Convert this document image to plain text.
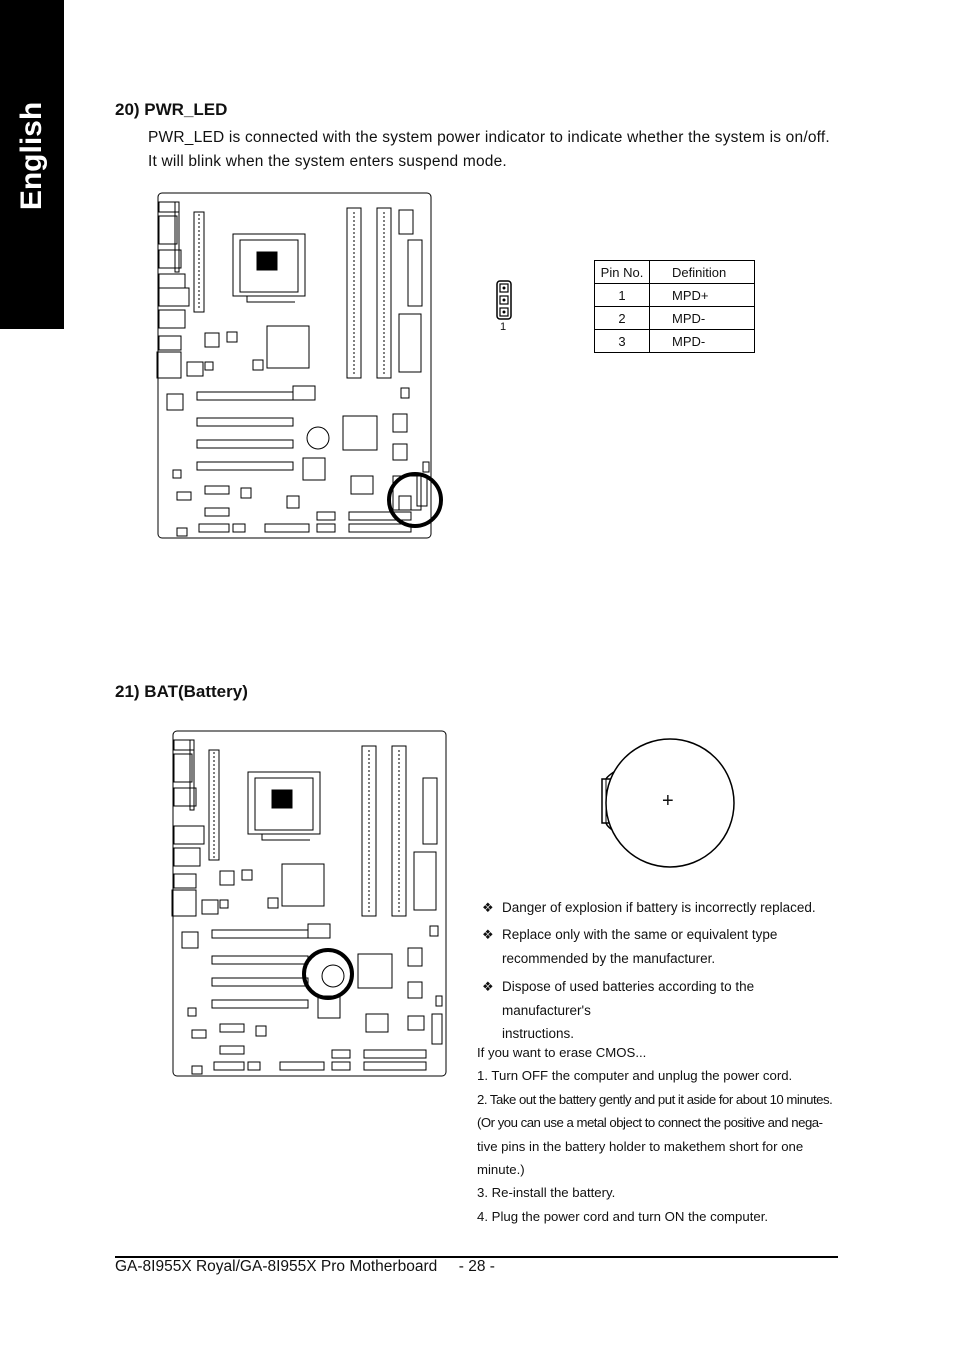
English	20) PWR_LED
PWR_LED is connected with the system power indicator to indicate whether the system is on/off.
It will blink when the system enters suspend mode.
1
Pin No.	Definition
1	MPD+
2	MPD-
3	MPD-
21) BAT(Battery)
+
❖ Danger of explosion if battery is incorrectly replaced.
❖ Replace only with the same or equivalent type
recommended by the manufacturer.
❖ Dispose of used batteries according to the manufacturer's
instructions.
If you want to erase CMOS...
1. Turn OFF the computer and unplug the power cord.
2. Take out the battery gently and put it aside for about 10 minutes.
(Or you can use a metal object to connect the positive and nega-
tive pins in the battery holder to makethem short for one
minute.)
3. Re-install the battery.
4. Plug the power cord and turn ON the computer.
GA-8I955X Royal/GA-8I955X Pro Motherboard - 28 -
